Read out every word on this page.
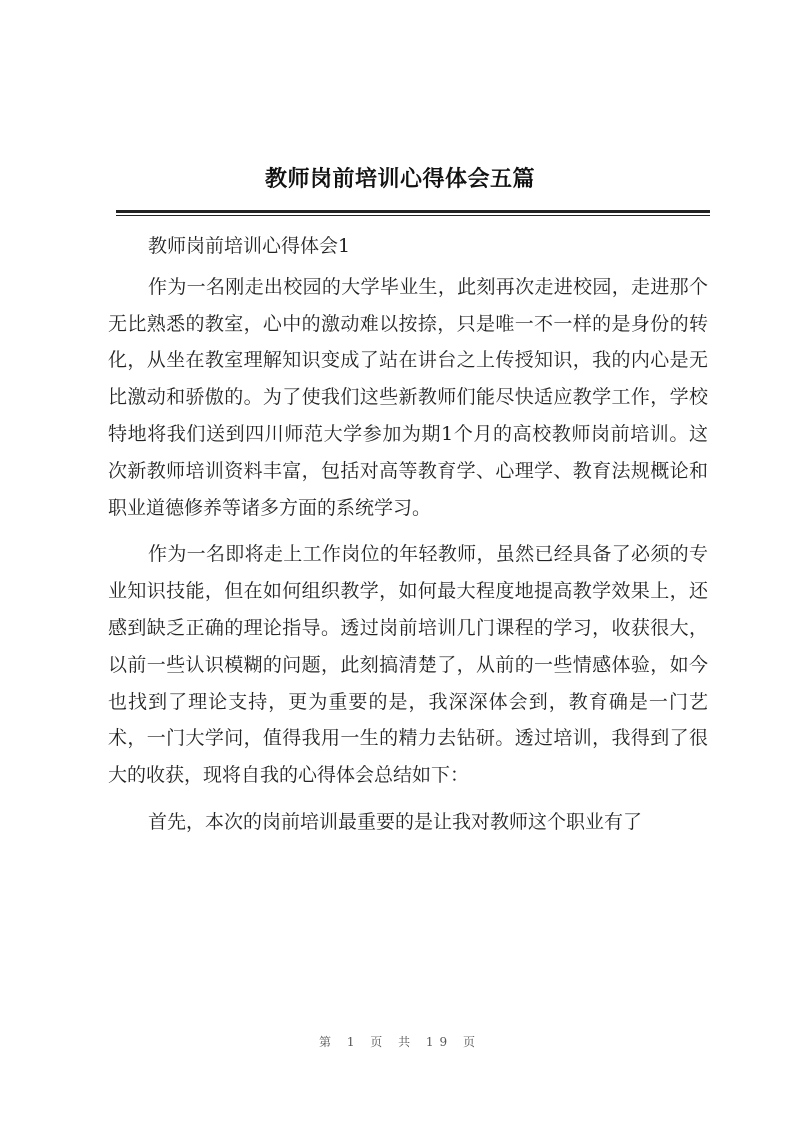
教师岗前培训心得体会五篇

教师岗前培训心得体会1

作为一名刚走出校园的大学毕业生，此刻再次走进校园，走进那个无比熟悉的教室，心中的激动难以按捺，只是唯一不一样的是身份的转化，从坐在教室理解知识变成了站在讲台之上传授知识，我的内心是无比激动和骄傲的。为了使我们这些新教师们能尽快适应教学工作，学校特地将我们送到四川师范大学参加为期1个月的高校教师岗前培训。这次新教师培训资料丰富，包括对高等教育学、心理学、教育法规概论和职业道德修养等诸多方面的系统学习。

作为一名即将走上工作岗位的年轻教师，虽然已经具备了必须的专业知识技能，但在如何组织教学，如何最大程度地提高教学效果上，还感到缺乏正确的理论指导。透过岗前培训几门课程的学习，收获很大，以前一些认识模糊的问题，此刻搞清楚了，从前的一些情感体验，如今也找到了理论支持，更为重要的是，我深深体会到，教育确是一门艺术，一门大学问，值得我用一生的精力去钻研。透过培训，我得到了很大的收获，现将自我的心得体会总结如下：

首先，本次的岗前培训最重要的是让我对教师这个职业有了

第 1 页 共 19 页
